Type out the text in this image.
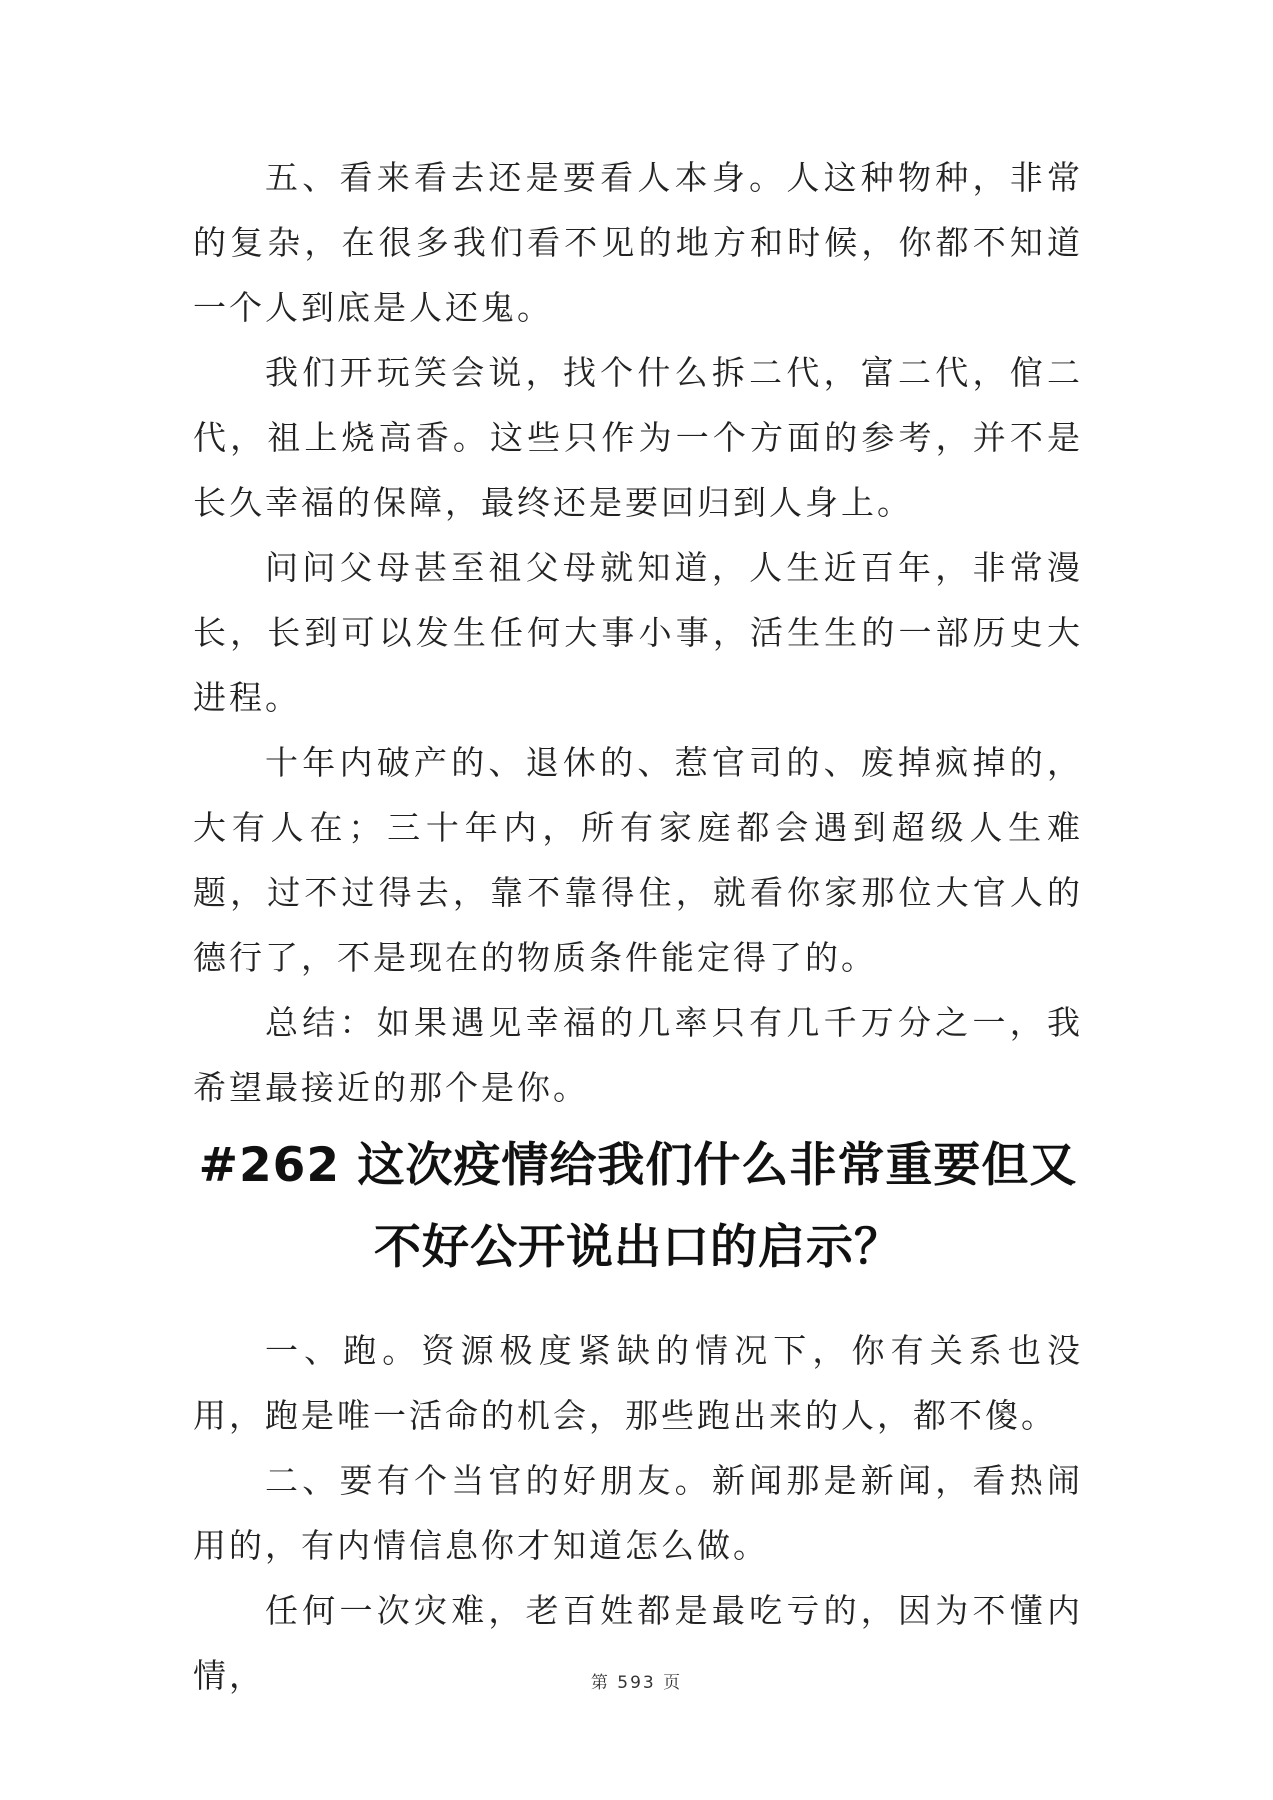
五、看来看去还是要看人本身。人这种物种，非常的复杂，在很多我们看不见的地方和时候，你都不知道一个人到底是人还鬼。

我们开玩笑会说，找个什么拆二代，富二代，倌二代，祖上烧高香。这些只作为一个方面的参考，并不是长久幸福的保障，最终还是要回归到人身上。

问问父母甚至祖父母就知道，人生近百年，非常漫长，长到可以发生任何大事小事，活生生的一部历史大进程。

十年内破产的、退休的、惹官司的、废掉疯掉的，大有人在；三十年内，所有家庭都会遇到超级人生难题，过不过得去，靠不靠得住，就看你家那位大官人的德行了，不是现在的物质条件能定得了的。

总结：如果遇见幸福的几率只有几千万分之一，我希望最接近的那个是你。

#262 这次疫情给我们什么非常重要但又不好公开说出口的启示？

一、跑。资源极度紧缺的情况下，你有关系也没用，跑是唯一活命的机会，那些跑出来的人，都不傻。

二、要有个当官的好朋友。新闻那是新闻，看热闹用的，有内情信息你才知道怎么做。

任何一次灾难，老百姓都是最吃亏的，因为不懂内情，	第 593 页
